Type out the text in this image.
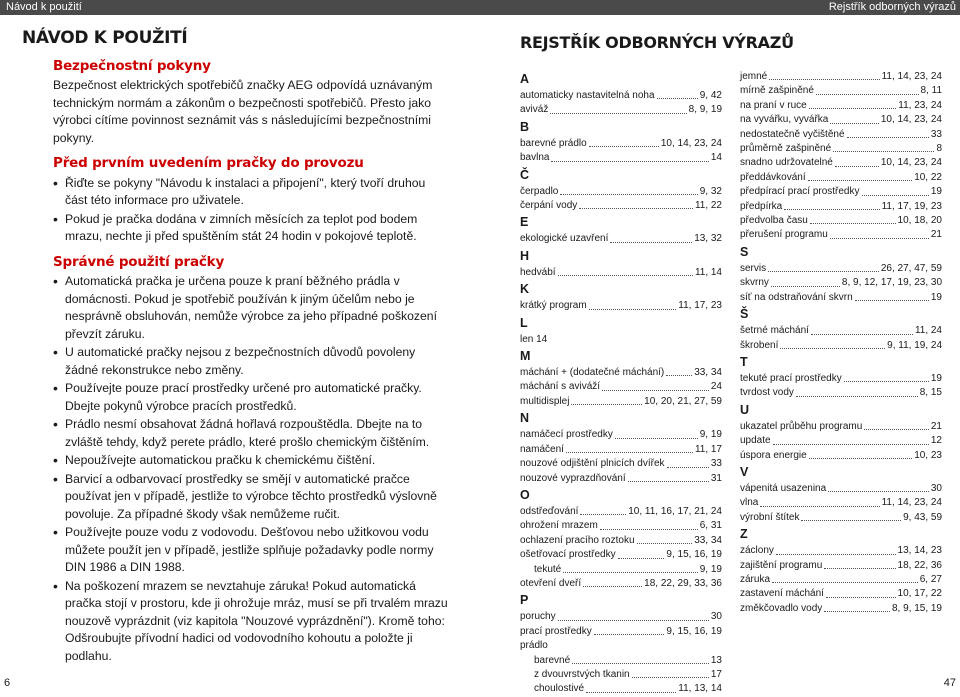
Návod k použití	Rejstřík odborných výrazů
NÁVOD K POUŽITÍ
Bezpečnostní pokyny
Bezpečnost elektrických spotřebičů značky AEG odpovídá uznávaným technickým normám a zákonům o bezpečnosti spotřebičů. Přesto jako výrobci cítíme povinnost seznámit vás s následujícími bezpečnostními pokyny.
Před prvním uvedením pračky do provozu
• Řiďte se pokyny "Návodu k instalaci a připojení", který tvoří druhou část této informace pro uživatele.
• Pokud je pračka dodána v zimních měsících za teplot pod bodem mrazu, nechte ji před spuštěním stát 24 hodin v pokojové teplotě.
Správné použití pračky
• Automatická pračka je určena pouze k praní běžného prádla v domácnosti. Pokud je spotřebič používán k jiným účelům nebo je nesprávně obsluhován, nemůže výrobce za jeho případné poškození převzít záruku.
• U automatické pračky nejsou z bezpečnostních důvodů povoleny žádné rekonstrukce nebo změny.
• Používejte pouze prací prostředky určené pro automatické pračky. Dbejte pokynů výrobce pracích prostředků.
• Prádlo nesmí obsahovat žádná hořlavá rozpouštědla. Dbejte na to zvláště tehdy, když perete prádlo, které prošlo chemickým čištěním.
• Nepoužívejte automatickou pračku k chemickému čištění.
• Barvicí a odbarvovací prostředky se smějí v automatické pračce používat jen v případě, jestliže to výrobce těchto prostředků výslovně povoluje. Za případné škody však nemůžeme ručit.
• Používejte pouze vodu z vodovodu. Dešťovou nebo užitkovou vodu můžete použít jen v případě, jestliže splňuje požadavky podle normy DIN 1986 a DIN 1988.
• Na poškození mrazem se nevztahuje záruka! Pokud automatická pračka stojí v prostoru, kde ji ohrožuje mráz, musí se při trvalém mrazu nouzově vyprázdnit (viz kapitola "Nouzové vyprázdnění"). Kromě toho: Odšroubujte přívodní hadici od vodovodního kohoutu a položte ji podlahu.
REJSTŘÍK ODBORNÝCH VÝRAZŮ
A
automaticky nastavitelná noha	9, 42
aviváž	8, 9, 19
B
barevné prádlo	10, 14, 23, 24
bavlna	14
Č
čerpadlo	9, 32
čerpání vody	11, 22
E
ekologické uzavření	13, 32
H
hedvábí	11, 14
K
krátký program	11, 17, 23
L
len 14
M
máchání + (dodatečné máchání)	33, 34
máchání s aviváží	24
multidisplej	10, 20, 21, 27, 59
N
namáčecí prostředky	9, 19
namáčení	11, 17
nouzové odjištění plnicích dvířek	33
nouzové vyprazdňování	31
O
odstřeďování	10, 11, 16, 17, 21, 24
ohrožení mrazem	6, 31
ochlazení pracího roztoku	33, 34
ošetřovací prostředky	9, 15, 16, 19
tekuté	9, 19
otevření dveří	18, 22, 29, 33, 36
P
poruchy	30
prací prostředky	9, 15, 16, 19
prádlo
barevné	13
z dvouvrstvých tkanin	17
choulostivé	11, 13, 14
jemné	11, 14, 23, 24
mírně zašpiněné	8, 11
na praní v ruce	11, 23, 24
na vyvářku, vyvářka	10, 14, 23, 24
nedostatečně vyčištěné	33
průměrně zašpiněné	8
snadno udržovatelné	10, 14, 23, 24
předdávkování	10, 22
předpírací prací prostředky	19
předpírka	11, 17, 19, 23
předvolba času	10, 18, 20
přerušení programu	21
S
servis	26, 27, 47, 59
skvrny	8, 9, 12, 17, 19, 23, 30
síť na odstraňování skvrn	19
Š
šetrné máchání	11, 24
škrobení	9, 11, 19, 24
T
tekuté prací prostředky	19
tvrdost vody	8, 15
U
ukazatel průběhu programu	21
update	12
úspora energie	10, 23
V
vápenitá usazenina	30
vlna	11, 14, 23, 24
výrobní štítek	9, 43, 59
Z
záclony	13, 14, 23
zajištění programu	18, 22, 36
záruka	6, 27
zastavení máchání	10, 17, 22
změkčovadlo vody	8, 9, 15, 19
6	47
